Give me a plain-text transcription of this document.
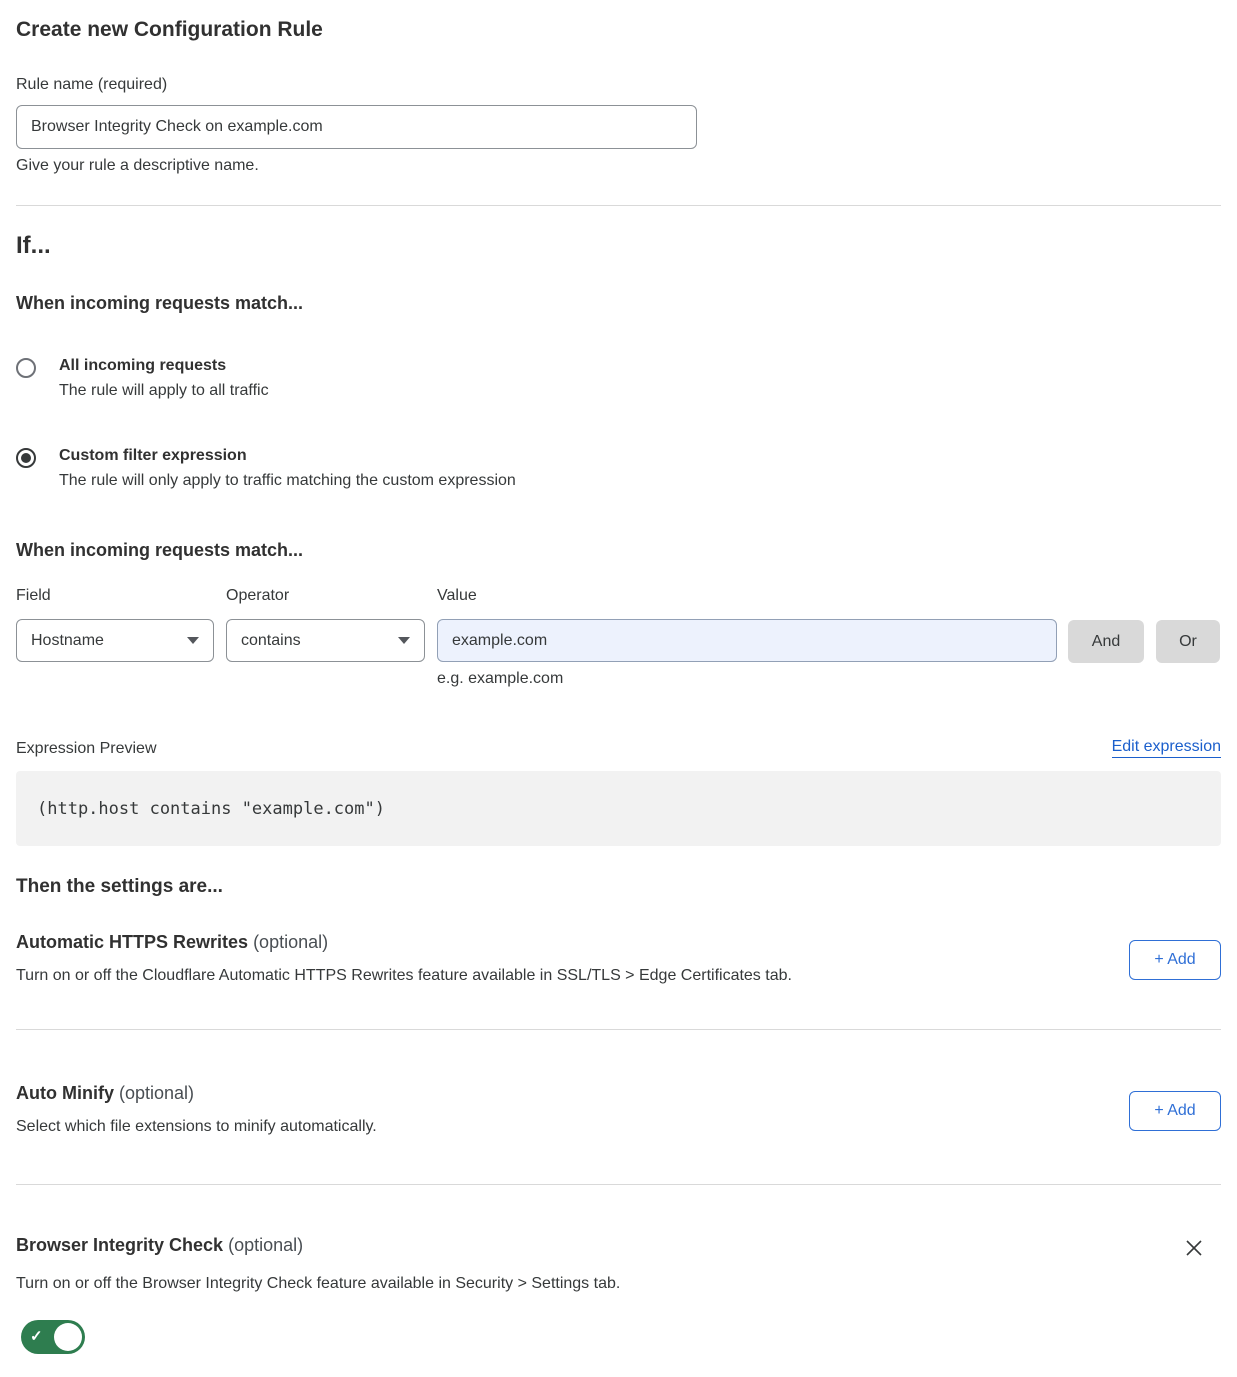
Create new Configuration Rule
Rule name (required)
Browser Integrity Check on example.com
Give your rule a descriptive name.
If...
When incoming requests match...
All incoming requests
The rule will apply to all traffic
Custom filter expression
The rule will only apply to traffic matching the custom expression
When incoming requests match...
Field
Hostname
Operator
contains
Value
example.com
e.g. example.com
And	Or
Expression Preview	Edit expression
(http.host contains "example.com")
Then the settings are...
Automatic HTTPS Rewrites (optional)
Turn on or off the Cloudflare Automatic HTTPS Rewrites feature available in SSL/TLS > Edge Certificates tab.
+ Add
Auto Minify (optional)
Select which file extensions to minify automatically.
+ Add
Browser Integrity Check (optional)
Turn on or off the Browser Integrity Check feature available in Security > Settings tab.
✓
